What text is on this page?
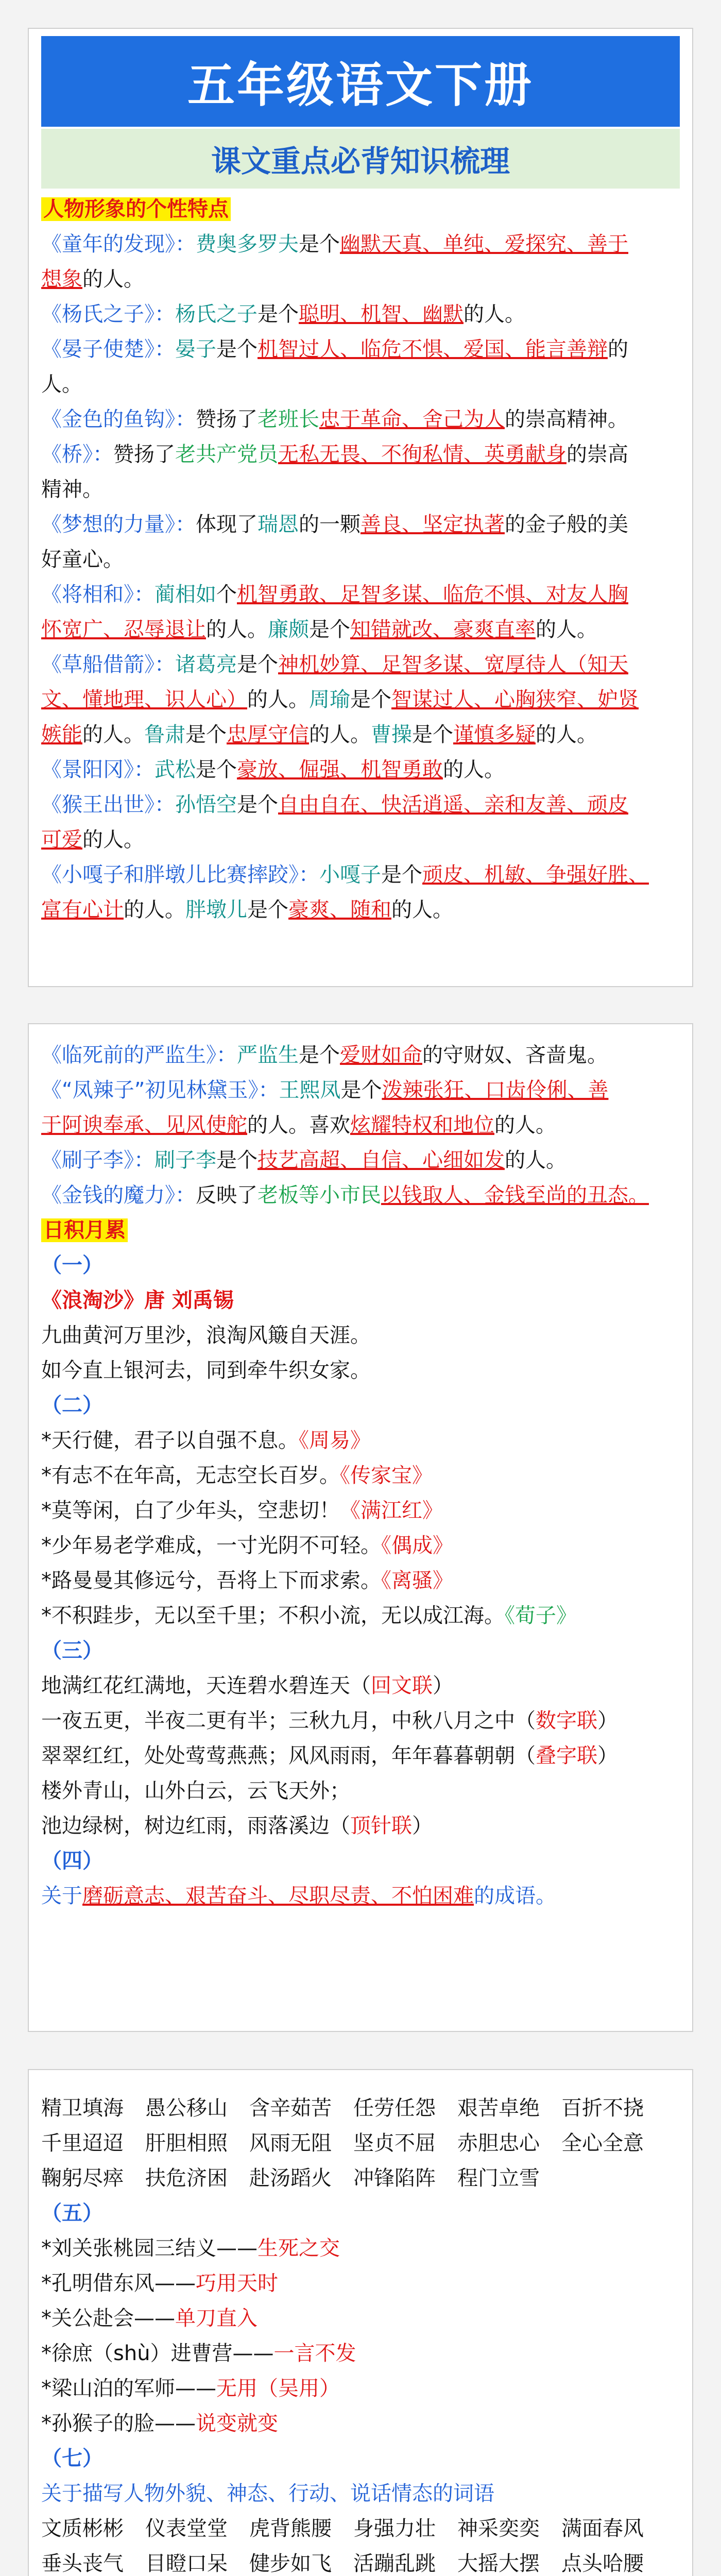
五年级语文下册
课文重点必背知识梳理
人物形象的个性特点
《童年的发现》：费奥多罗夫是个幽默天真、单纯、爱探究、善于
想象的人。
《杨氏之子》：杨氏之子是个聪明、机智、幽默的人。
《晏子使楚》：晏子是个机智过人、临危不惧、爱国、能言善辩的
人。
《金色的鱼钩》：赞扬了老班长忠于革命、舍己为人的崇高精神。
《桥》：赞扬了老共产党员无私无畏、不徇私情、英勇献身的崇高
精神。
《梦想的力量》：体现了瑞恩的一颗善良、坚定执著的金子般的美
好童心。
《将相和》：蔺相如个机智勇敢、足智多谋、临危不惧、对友人胸
怀宽广、忍辱退让的人。廉颇是个知错就改、豪爽直率的人。
《草船借箭》：诸葛亮是个神机妙算、足智多谋、宽厚待人（知天
文、懂地理、识人心）的人。周瑜是个智谋过人、心胸狭窄、妒贤
嫉能的人。鲁肃是个忠厚守信的人。曹操是个谨慎多疑的人。
《景阳冈》：武松是个豪放、倔强、机智勇敢的人。
《猴王出世》：孙悟空是个自由自在、快活逍遥、亲和友善、顽皮
可爱的人。
《小嘎子和胖墩儿比赛摔跤》：小嘎子是个顽皮、机敏、争强好胜、
富有心计的人。胖墩儿是个豪爽、随和的人。
《临死前的严监生》：严监生是个爱财如命的守财奴、吝啬鬼。
《“凤辣子”初见林黛玉》：王熙凤是个泼辣张狂、口齿伶俐、善
于阿谀奉承、见风使舵的人。喜欢炫耀特权和地位的人。
《刷子李》：刷子李是个技艺高超、自信、心细如发的人。
《金钱的魔力》：反映了老板等小市民以钱取人、金钱至尚的丑态。
日积月累
（一）
《浪淘沙》唐 刘禹锡
九曲黄河万里沙，浪淘风簸自天涯。
如今直上银河去，同到牵牛织女家。
（二）
*天行健，君子以自强不息。《周易》
*有志不在年高，无志空长百岁。《传家宝》
*莫等闲，白了少年头，空悲切！《满江红》
*少年易老学难成，一寸光阴不可轻。《偶成》
*路曼曼其修远兮，吾将上下而求索。《离骚》
*不积跬步，无以至千里；不积小流，无以成江海。《荀子》
（三）
地满红花红满地，天连碧水碧连天（回文联）
一夜五更，半夜二更有半；三秋九月，中秋八月之中（数字联）
翠翠红红，处处莺莺燕燕；风风雨雨，年年暮暮朝朝（叠字联）
楼外青山，山外白云，云飞天外；
池边绿树，树边红雨，雨落溪边（顶针联）
（四）
关于磨砺意志、艰苦奋斗、尽职尽责、不怕困难的成语。
精卫填海 愚公移山 含辛茹苦 任劳任怨 艰苦卓绝 百折不挠
千里迢迢 肝胆相照 风雨无阻 坚贞不屈 赤胆忠心 全心全意
鞠躬尽瘁 扶危济困 赴汤蹈火 冲锋陷阵 程门立雪
（五）
*刘关张桃园三结义——生死之交
*孔明借东风——巧用天时
*关公赴会——单刀直入
*徐庶（shù）进曹营——一言不发
*梁山泊的军师——无用（吴用）
*孙猴子的脸——说变就变
（七）
关于描写人物外貌、神态、行动、说话情态的词语
文质彬彬 仪表堂堂 虎背熊腰 身强力壮 神采奕奕 满面春风
垂头丧气 目瞪口呆 健步如飞 活蹦乱跳 大摇大摆 点头哈腰
